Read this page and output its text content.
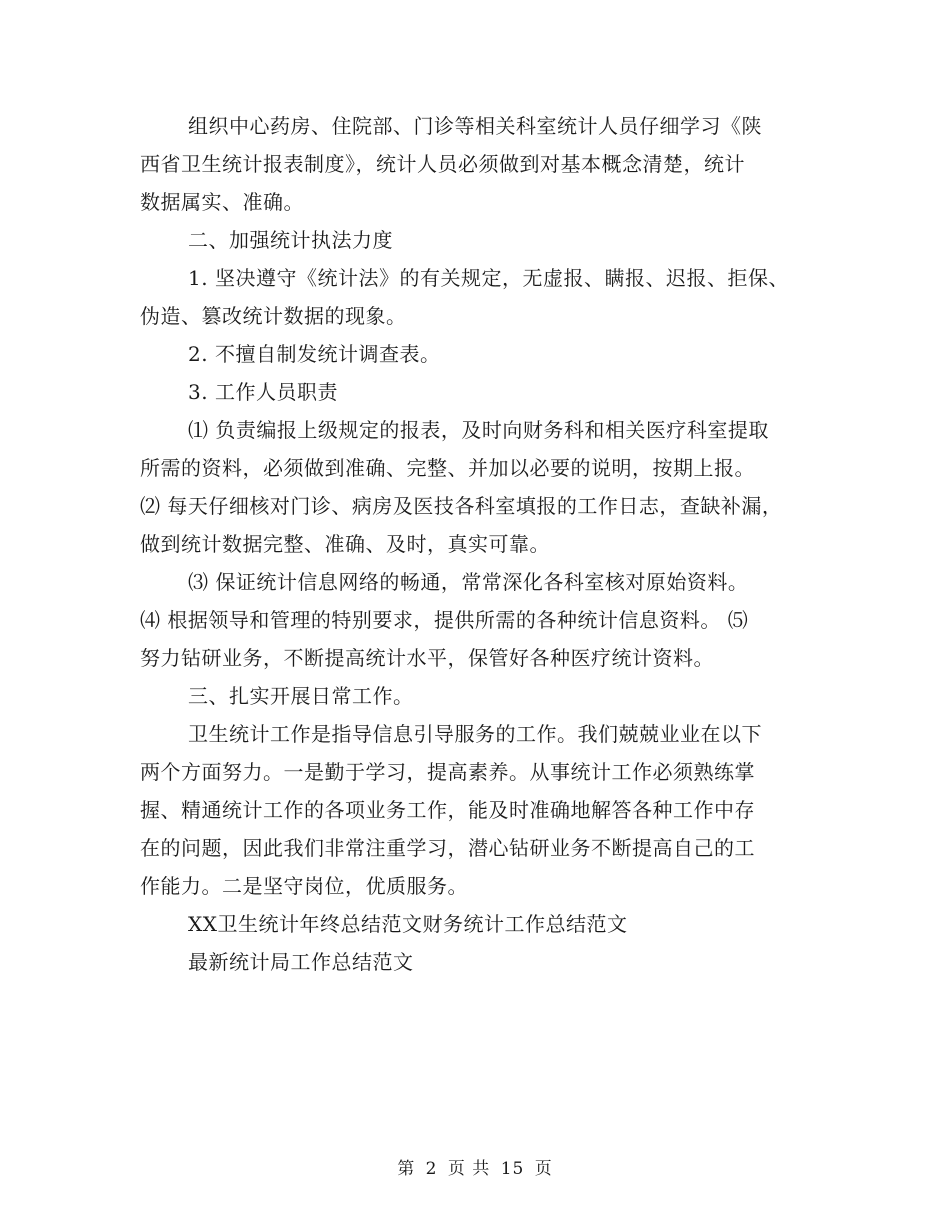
组织中心药房、住院部、门诊等相关科室统计人员仔细学习《陕
西省卫生统计报表制度》，统计人员必须做到对基本概念清楚，统计
数据属实、准确。
二、加强统计执法力度
1. 坚决遵守《统计法》的有关规定，无虚报、瞒报、迟报、拒保、
伪造、篡改统计数据的现象。
2. 不擅自制发统计调查表。
3. 工作人员职责
⑴ 负责编报上级规定的报表，及时向财务科和相关医疗科室提取
所需的资料，必须做到准确、完整、并加以必要的说明，按期上报。
⑵ 每天仔细核对门诊、病房及医技各科室填报的工作日志，查缺补漏，
做到统计数据完整、准确、及时，真实可靠。
⑶ 保证统计信息网络的畅通，常常深化各科室核对原始资料。
⑷ 根据领导和管理的特别要求，提供所需的各种统计信息资料。 ⑸
努力钻研业务，不断提高统计水平，保管好各种医疗统计资料。
三、扎实开展日常工作。
卫生统计工作是指导信息引导服务的工作。我们兢兢业业在以下
两个方面努力。一是勤于学习，提高素养。从事统计工作必须熟练掌
握、精通统计工作的各项业务工作，能及时准确地解答各种工作中存
在的问题，因此我们非常注重学习，潜心钻研业务不断提高自己的工
作能力。二是坚守岗位，优质服务。
XX卫生统计年终总结范文财务统计工作总结范文
最新统计局工作总结范文
第 2 页 共 15 页
